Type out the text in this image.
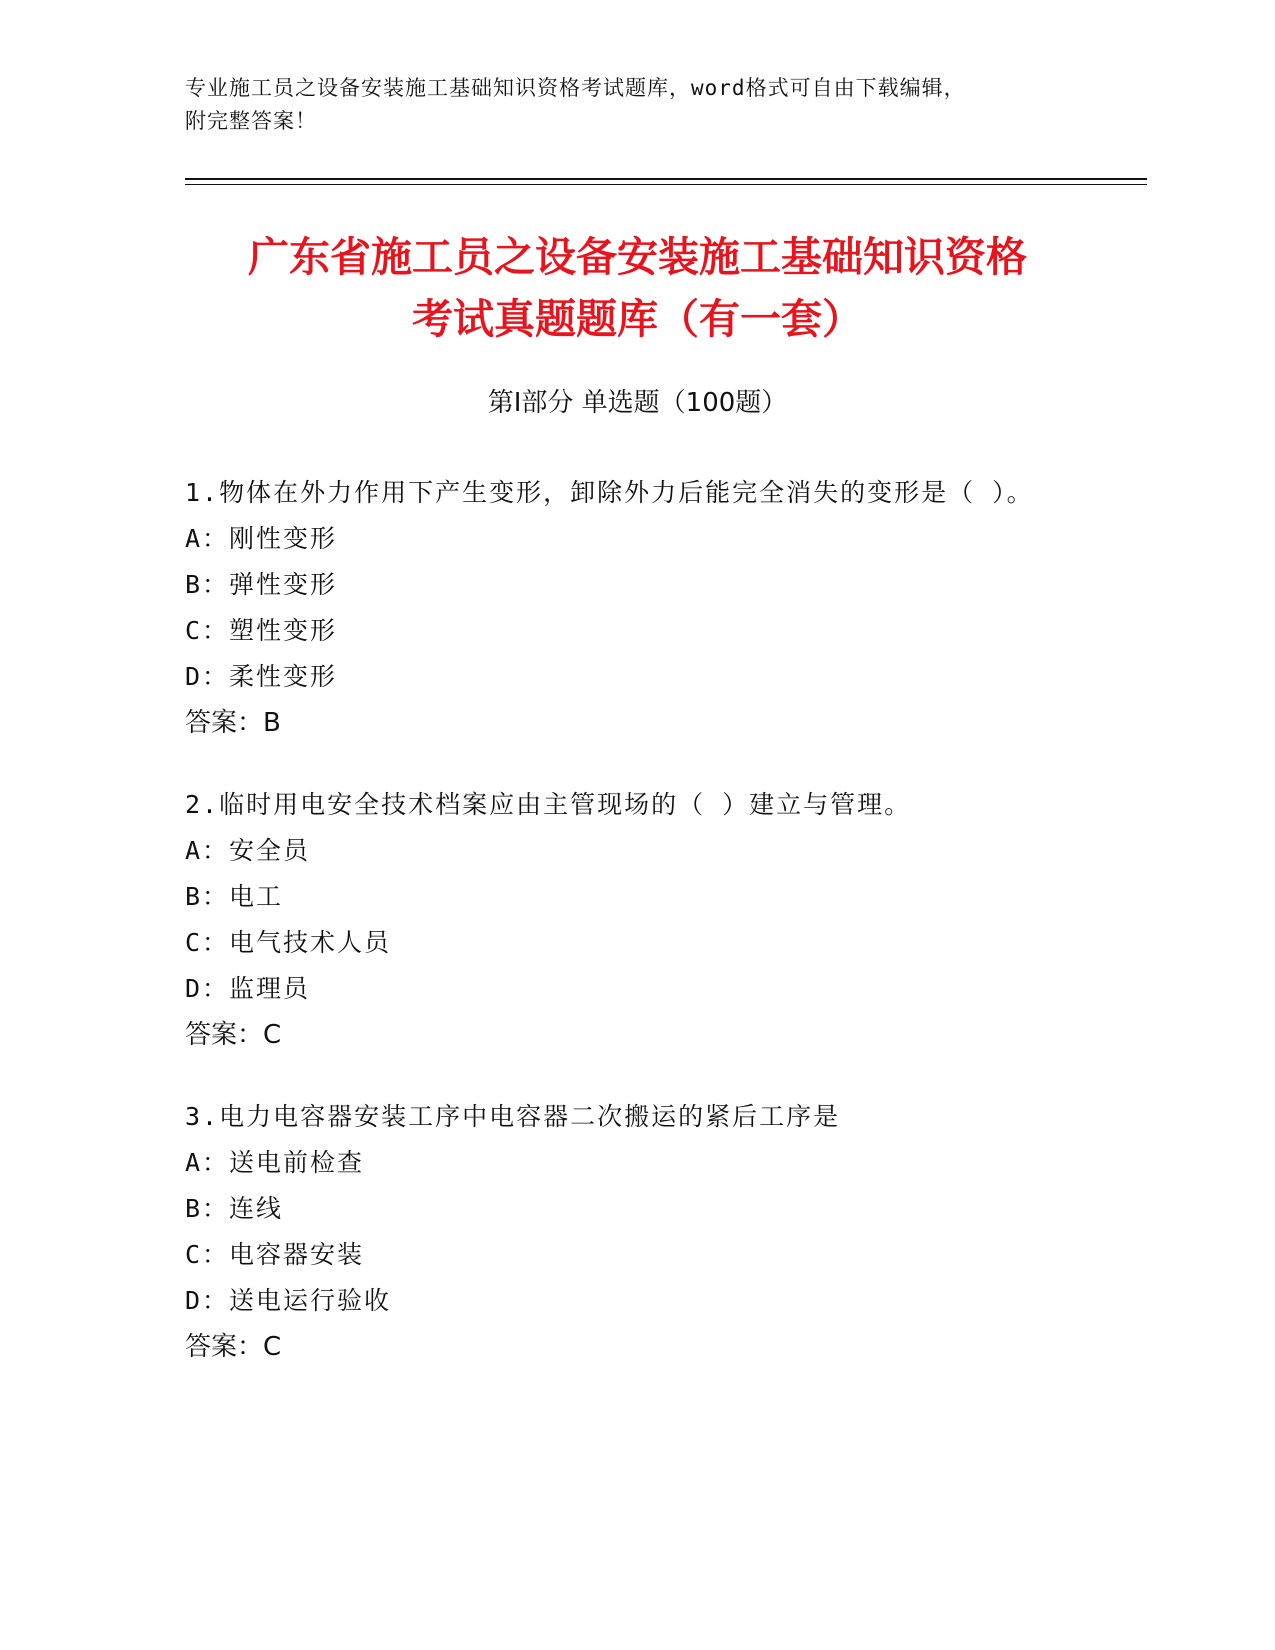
专业施工员之设备安装施工基础知识资格考试题库，word格式可自由下载编辑，
附完整答案！
广东省施工员之设备安装施工基础知识资格
考试真题题库（有一套）
第Ⅰ部分 单选题（100题）
1.物体在外力作用下产生变形，卸除外力后能完全消失的变形是（ ）。
A：刚性变形
B：弹性变形
C：塑性变形
D：柔性变形
答案：B
2.临时用电安全技术档案应由主管现场的（ ）建立与管理。
A：安全员
B：电工
C：电气技术人员
D：监理员
答案：C
3.电力电容器安装工序中电容器二次搬运的紧后工序是
A：送电前检查
B：连线
C：电容器安装
D：送电运行验收
答案：C
